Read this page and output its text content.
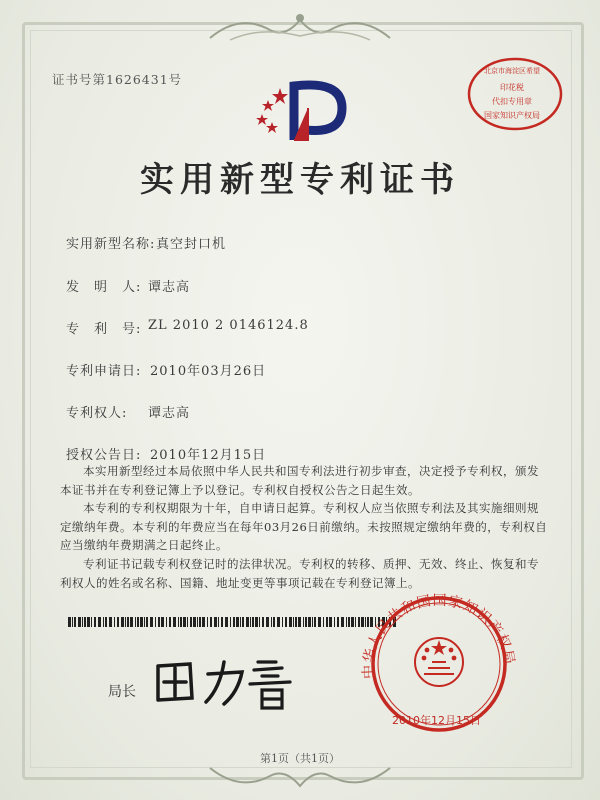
证书号第1626431号
北京市海淀区希望
印花税
代扣专用章
国家知识产权局
实用新型专利证书
实用新型名称: 真空封口机
发　明　人: 谭志高
专　利　号: ZL 2010 2 0146124.8
专利申请日: 2010年03月26日
专利权人: 谭志高
授权公告日: 2010年12月15日

本实用新型经过本局依照中华人民共和国专利法进行初步审查，决定授予专利权，颁发本证书并在专利登记簿上予以登记。专利权自授权公告之日起生效。

本专利的专利权期限为十年，自申请日起算。专利权人应当依照专利法及其实施细则规定缴纳年费。本专利的年费应当在每年03月26日前缴纳。未按照规定缴纳年费的，专利权自应当缴纳年费期满之日起终止。

专利证书记载专利权登记时的法律状况。专利权的转移、质押、无效、终止、恢复和专利权人的姓名或名称、国籍、地址变更等事项记载在专利登记簿上。

中华人民共和国国家知识产权局
2010年12月15日
局长
第1页（共1页）
